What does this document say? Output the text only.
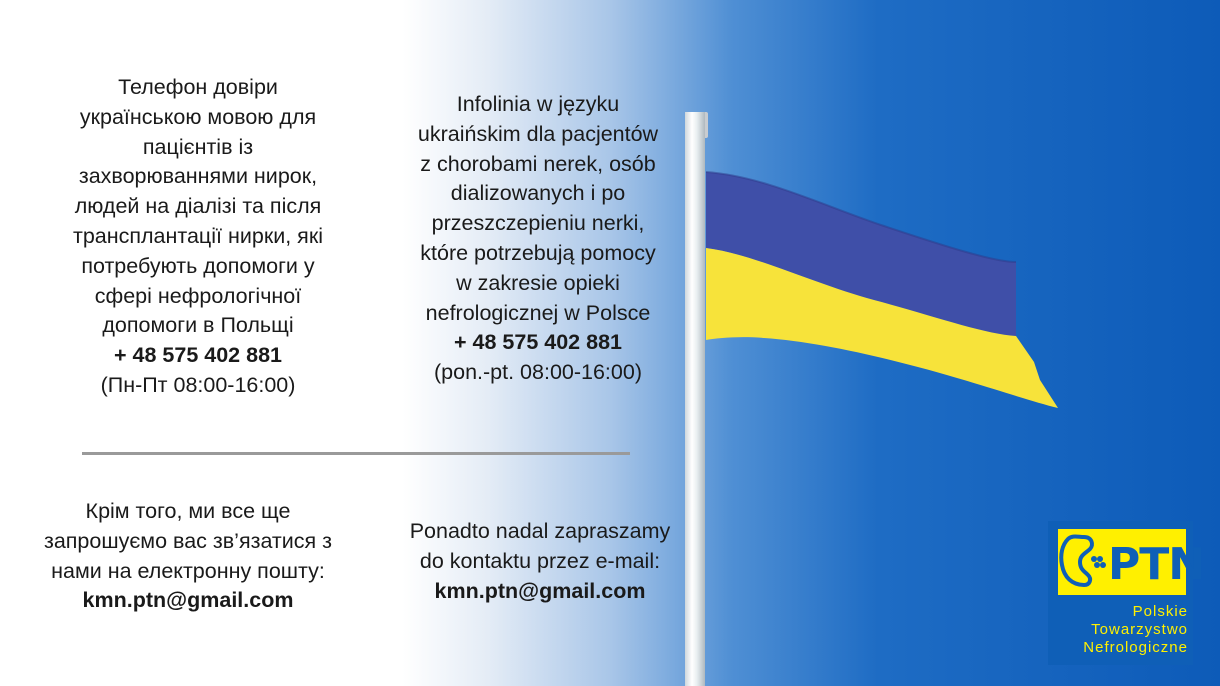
Телефон довіри
українською мовою для
пацієнтів із
захворюваннями нирок,
людей на діалізі та після
трансплантації нирки, які
потребують допомоги у
сфері нефрологічної
допомоги в Польщі
+ 48 575 402 881
(Пн-Пт 08:00-16:00)
Infolinia w języku
ukraińskim dla pacjentów
z chorobami nerek, osób
dializowanych i po
przeszczepieniu nerki,
które potrzebują pomocy
w zakresie opieki
nefrologicznej w Polsce
+ 48 575 402 881
(pon.-pt. 08:00-16:00)
Крім того, ми все ще
запрошуємо вас зв’язатися з
нами на електронну пошту:
kmn.ptn@gmail.com
Ponadto nadal zapraszamy
do kontaktu przez e-mail:
kmn.ptn@gmail.com
PTN
Polskie
Towarzystwo
Nefrologiczne
